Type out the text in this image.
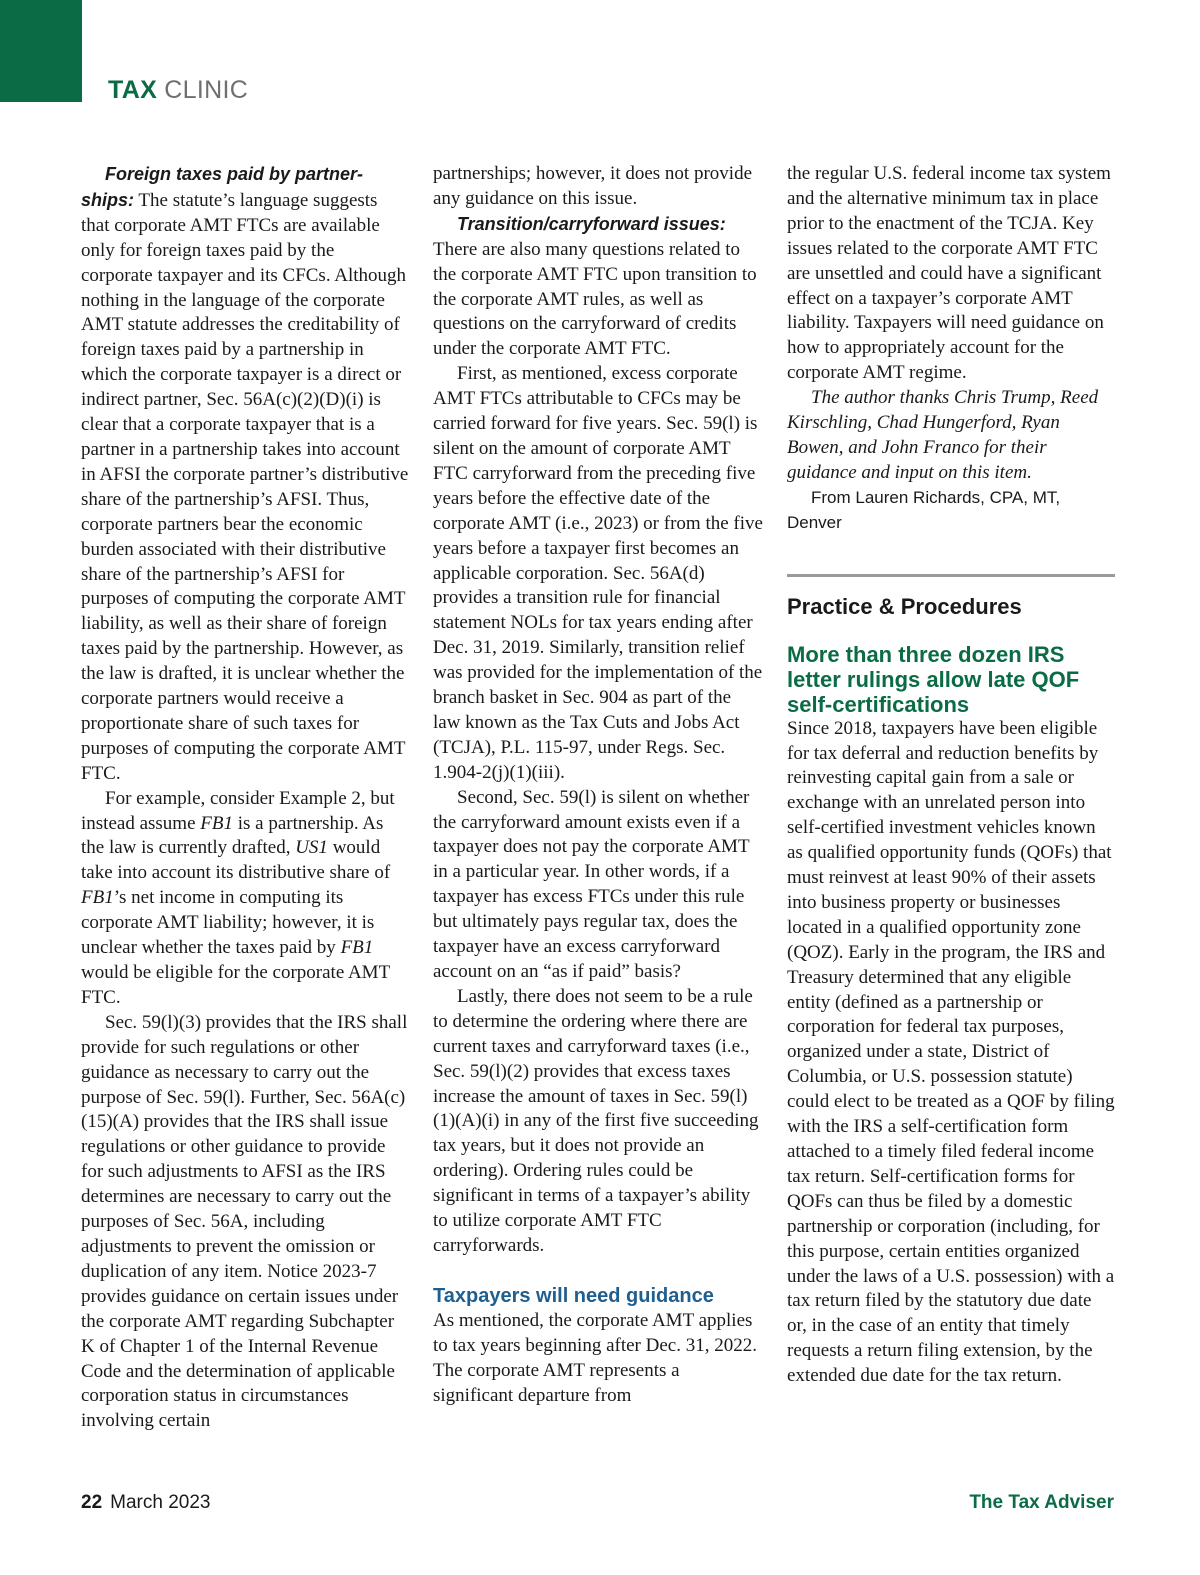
TAX CLINIC

Foreign taxes paid by partner-ships: The statute’s language suggests that corporate AMT FTCs are available only for foreign taxes paid by the corporate taxpayer and its CFCs. Although nothing in the language of the corporate AMT statute addresses the creditability of foreign taxes paid by a partnership in which the corporate taxpayer is a direct or indirect partner, Sec. 56A(c)(2)(D)(i) is clear that a corporate taxpayer that is a partner in a partnership takes into account in AFSI the corporate partner’s distributive share of the partnership’s AFSI. Thus, corporate partners bear the economic burden associated with their distributive share of the partnership’s AFSI for purposes of computing the corporate AMT liability, as well as their share of foreign taxes paid by the partnership. However, as the law is drafted, it is unclear whether the corporate partners would receive a proportionate share of such taxes for purposes of computing the corporate AMT FTC.

For example, consider Example 2, but instead assume FB1 is a partnership. As the law is currently drafted, US1 would take into account its distributive share of FB1’s net income in computing its corporate AMT liability; however, it is unclear whether the taxes paid by FB1 would be eligible for the corporate AMT FTC.

Sec. 59(l)(3) provides that the IRS shall provide for such regulations or other guidance as necessary to carry out the purpose of Sec. 59(l). Further, Sec. 56A(c)(15)(A) provides that the IRS shall issue regulations or other guidance to provide for such adjustments to AFSI as the IRS determines are necessary to carry out the purposes of Sec. 56A, including adjustments to prevent the omission or duplication of any item. Notice 2023-7 provides guidance on certain issues under the corporate AMT regarding Subchapter K of Chapter 1 of the Internal Revenue Code and the determination of applicable corporation status in circumstances involving certain

partnerships; however, it does not provide any guidance on this issue.

Transition/carryforward issues: There are also many questions related to the corporate AMT FTC upon transition to the corporate AMT rules, as well as questions on the carryforward of credits under the corporate AMT FTC.

First, as mentioned, excess corporate AMT FTCs attributable to CFCs may be carried forward for five years. Sec. 59(l) is silent on the amount of corporate AMT FTC carryforward from the preceding five years before the effective date of the corporate AMT (i.e., 2023) or from the five years before a taxpayer first becomes an applicable corporation. Sec. 56A(d) provides a transition rule for financial statement NOLs for tax years ending after Dec. 31, 2019. Similarly, transition relief was provided for the implementation of the branch basket in Sec. 904 as part of the law known as the Tax Cuts and Jobs Act (TCJA), P.L. 115-97, under Regs. Sec. 1.904-2(j)(1)(iii).

Second, Sec. 59(l) is silent on whether the carryforward amount exists even if a taxpayer does not pay the corporate AMT in a particular year. In other words, if a taxpayer has excess FTCs under this rule but ultimately pays regular tax, does the taxpayer have an excess carryforward account on an “as if paid” basis?

Lastly, there does not seem to be a rule to determine the ordering where there are current taxes and carryforward taxes (i.e., Sec. 59(l)(2) provides that excess taxes increase the amount of taxes in Sec. 59(l)(1)(A)(i) in any of the first five succeeding tax years, but it does not provide an ordering). Ordering rules could be significant in terms of a taxpayer’s ability to utilize corporate AMT FTC carryforwards.

Taxpayers will need guidance

As mentioned, the corporate AMT applies to tax years beginning after Dec. 31, 2022. The corporate AMT represents a significant departure from

the regular U.S. federal income tax system and the alternative minimum tax in place prior to the enactment of the TCJA. Key issues related to the corporate AMT FTC are unsettled and could have a significant effect on a taxpayer’s corporate AMT liability. Taxpayers will need guidance on how to appropriately account for the corporate AMT regime.

The author thanks Chris Trump, Reed Kirschling, Chad Hungerford, Ryan Bowen, and John Franco for their guidance and input on this item.

From Lauren Richards, CPA, MT, Denver

Practice & Procedures
More than three dozen IRS letter rulings allow late QOF self-certifications

Since 2018, taxpayers have been eligible for tax deferral and reduction benefits by reinvesting capital gain from a sale or exchange with an unrelated person into self-certified investment vehicles known as qualified opportunity funds (QOFs) that must reinvest at least 90% of their assets into business property or businesses located in a qualified opportunity zone (QOZ). Early in the program, the IRS and Treasury determined that any eligible entity (defined as a partnership or corporation for federal tax purposes, organized under a state, District of Columbia, or U.S. possession statute) could elect to be treated as a QOF by filing with the IRS a self-certification form attached to a timely filed federal income tax return. Self-certification forms for QOFs can thus be filed by a domestic partnership or corporation (including, for this purpose, certain entities organized under the laws of a U.S. possession) with a tax return filed by the statutory due date or, in the case of an entity that timely requests a return filing extension, by the extended due date for the tax return.

22 March 2023	The Tax Adviser
